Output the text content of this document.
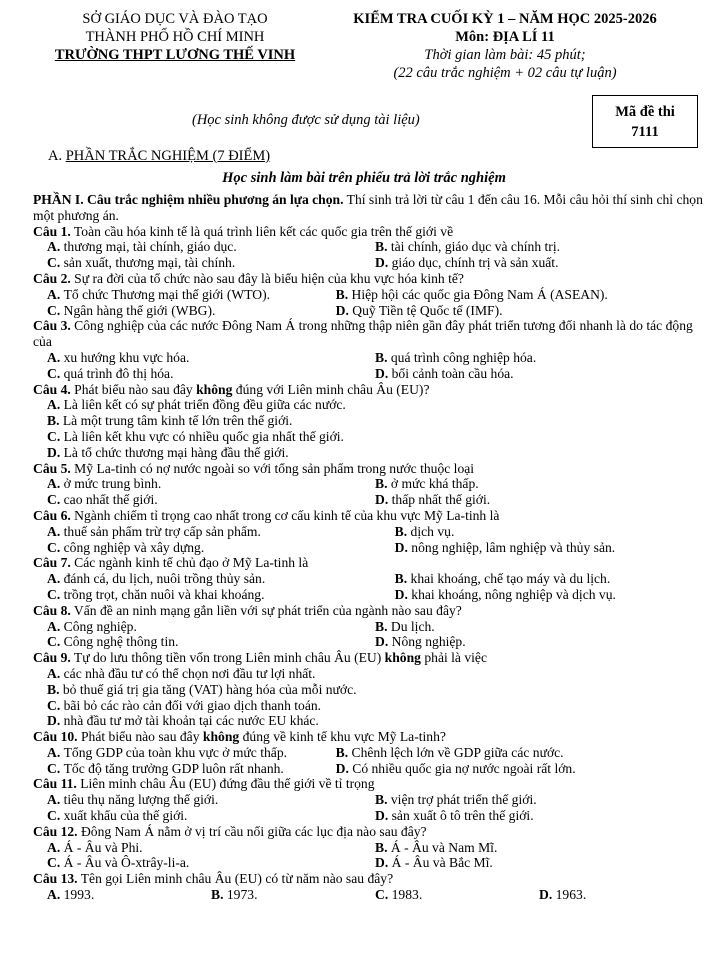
SỞ GIÁO DỤC VÀ ĐÀO TẠO
THÀNH PHỐ HỒ CHÍ MINH
TRƯỜNG THPT LƯƠNG THẾ VINH
KIỂM TRA CUỐI KỲ 1 – NĂM HỌC 2025-2026
Môn: ĐỊA LÍ 11
Thời gian làm bài: 45 phút;
(22 câu trắc nghiệm + 02 câu tự luận)
(Học sinh không được sử dụng tài liệu)	Mã đề thi
7111
A. PHẦN TRẮC NGHIỆM (7 ĐIỂM)
Học sinh làm bài trên phiếu trả lời trắc nghiệm
PHẦN I. Câu trắc nghiệm nhiều phương án lựa chọn. Thí sinh trả lời từ câu 1 đến câu 16. Mỗi câu hỏi thí sinh chỉ chọn một phương án.
Câu 1. Toàn cầu hóa kinh tế là quá trình liên kết các quốc gia trên thế giới về
A. thương mại, tài chính, giáo dục.	B. tài chính, giáo dục và chính trị.
C. sản xuất, thương mại, tài chính.	D. giáo dục, chính trị và sản xuất.
Câu 2. Sự ra đời của tổ chức nào sau đây là biểu hiện của khu vực hóa kinh tế?
A. Tổ chức Thương mại thế giới (WTO).	B. Hiệp hội các quốc gia Đông Nam Á (ASEAN).
C. Ngân hàng thế giới (WBG).	D. Quỹ Tiền tệ Quốc tế (IMF).
Câu 3. Công nghiệp của các nước Đông Nam Á trong những thập niên gần đây phát triển tương đối nhanh là do tác động của
A. xu hướng khu vực hóa.	B. quá trình công nghiệp hóa.
C. quá trình đô thị hóa.	D. bối cảnh toàn cầu hóa.
Câu 4. Phát biểu nào sau đây không đúng với Liên minh châu Âu (EU)?
A. Là liên kết có sự phát triển đồng đều giữa các nước.
B. Là một trung tâm kinh tế lớn trên thế giới.
C. Là liên kết khu vực có nhiều quốc gia nhất thế giới.
D. Là tổ chức thương mại hàng đầu thế giới.
Câu 5. Mỹ La-tinh có nợ nước ngoài so với tổng sản phẩm trong nước thuộc loại
A. ở mức trung bình.	B. ở mức khá thấp.
C. cao nhất thế giới.	D. thấp nhất thế giới.
Câu 6. Ngành chiếm tỉ trọng cao nhất trong cơ cấu kinh tế của khu vực Mỹ La-tinh là
A. thuế sản phẩm trừ trợ cấp sản phẩm.	B. dịch vụ.
C. công nghiệp và xây dựng.	D. nông nghiệp, lâm nghiệp và thủy sản.
Câu 7. Các ngành kinh tế chủ đạo ở Mỹ La-tinh là
A. đánh cá, du lịch, nuôi trồng thủy sản.	B. khai khoáng, chế tạo máy và du lịch.
C. trồng trọt, chăn nuôi và khai khoáng.	D. khai khoáng, nông nghiệp và dịch vụ.
Câu 8. Vấn đề an ninh mạng gắn liền với sự phát triển của ngành nào sau đây?
A. Công nghiệp.	B. Du lịch.
C. Công nghệ thông tin.	D. Nông nghiệp.
Câu 9. Tự do lưu thông tiền vốn trong Liên minh châu Âu (EU) không phải là việc
A. các nhà đầu tư có thể chọn nơi đầu tư lợi nhất.
B. bỏ thuế giá trị gia tăng (VAT) hàng hóa của mỗi nước.
C. bãi bỏ các rào cản đối với giao dịch thanh toán.
D. nhà đầu tư mở tài khoản tại các nước EU khác.
Câu 10. Phát biểu nào sau đây không đúng về kinh tế khu vực Mỹ La-tinh?
A. Tổng GDP của toàn khu vực ở mức thấp.	B. Chênh lệch lớn về GDP giữa các nước.
C. Tốc độ tăng trưởng GDP luôn rất nhanh.	D. Có nhiều quốc gia nợ nước ngoài rất lớn.
Câu 11. Liên minh châu Âu (EU) đứng đầu thế giới về tỉ trọng
A. tiêu thụ năng lượng thế giới.	B. viện trợ phát triển thế giới.
C. xuất khẩu của thế giới.	D. sản xuất ô tô trên thế giới.
Câu 12. Đông Nam Á nằm ở vị trí cầu nối giữa các lục địa nào sau đây?
A. Á - Âu và Phi.	B. Á - Âu và Nam Mĩ.
C. Á - Âu và Ô-xtrây-li-a.	D. Á - Âu và Bắc Mĩ.
Câu 13. Tên gọi Liên minh châu Âu (EU) có từ năm nào sau đây?
A. 1993.	B. 1973.	C. 1983.	D. 1963.
